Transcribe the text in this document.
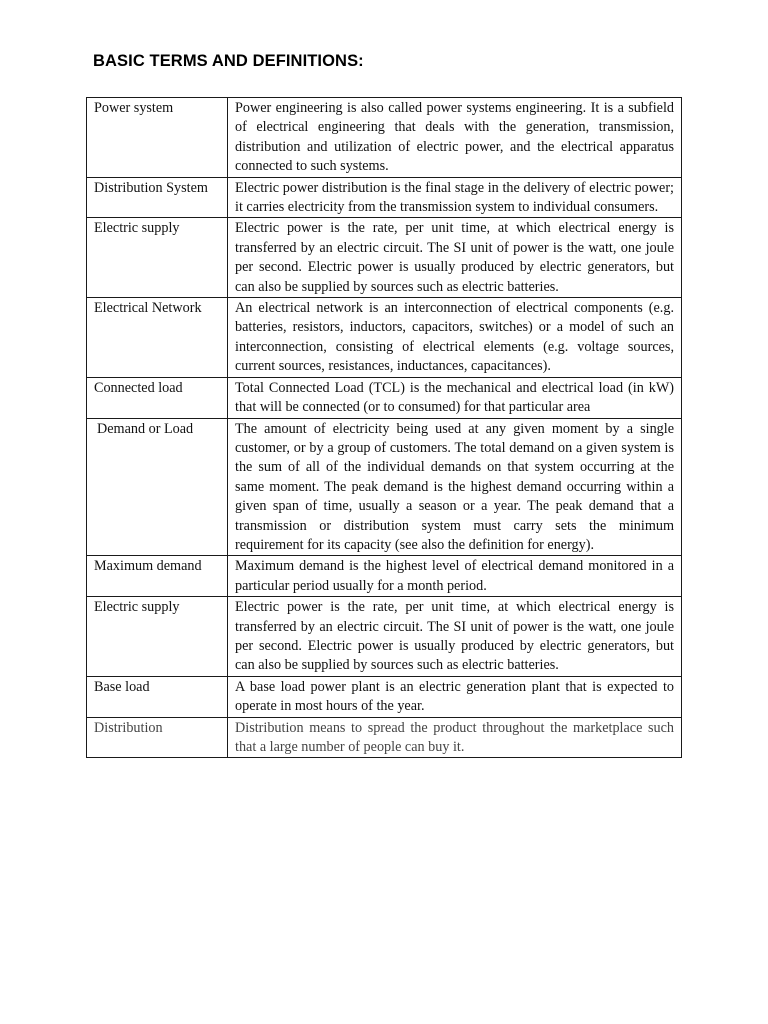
BASIC TERMS AND DEFINITIONS:
Power system	Power engineering is also called power systems engineering. It is a subfield of electrical engineering that deals with the generation, transmission, distribution and utilization of electric power, and the electrical apparatus connected to such systems.
Distribution System	Electric power distribution is the final stage in the delivery of electric power; it carries electricity from the transmission system to individual consumers.
Electric supply	Electric power is the rate, per unit time, at which electrical energy is transferred by an electric circuit. The SI unit of power is the watt, one joule per second. Electric power is usually produced by electric generators, but can also be supplied by sources such as electric batteries.
Electrical Network	An electrical network is an interconnection of electrical components (e.g. batteries, resistors, inductors, capacitors, switches) or a model of such an interconnection, consisting of electrical elements (e.g. voltage sources, current sources, resistances, inductances, capacitances).
Connected load	Total Connected Load (TCL) is the mechanical and electrical load (in kW) that will be connected (or to consumed) for that particular area
Demand or Load	The amount of electricity being used at any given moment by a single customer, or by a group of customers. The total demand on a given system is the sum of all of the individual demands on that system occurring at the same moment. The peak demand is the highest demand occurring within a given span of time, usually a season or a year. The peak demand that a transmission or distribution system must carry sets the minimum requirement for its capacity (see also the definition for energy).
Maximum demand	Maximum demand is the highest level of electrical demand monitored in a particular period usually for a month period.
Electric supply	Electric power is the rate, per unit time, at which electrical energy is transferred by an electric circuit. The SI unit of power is the watt, one joule per second. Electric power is usually produced by electric generators, but can also be supplied by sources such as electric batteries.
Base load	A base load power plant is an electric generation plant that is expected to operate in most hours of the year.
Distribution	Distribution means to spread the product throughout the marketplace such that a large number of people can buy it.
